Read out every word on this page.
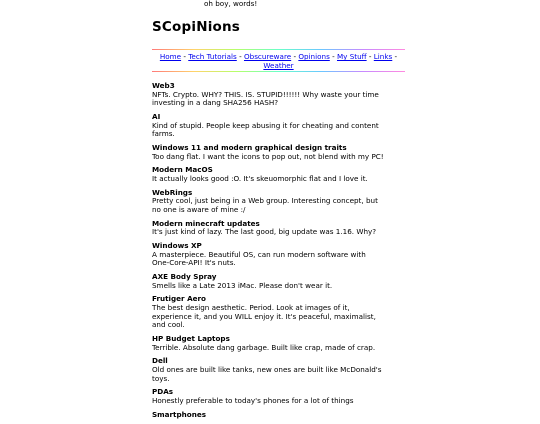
oh boy, words!
SCopiNions
Home - Tech Tutorials - Obscureware - Opinions - My Stuff - Links -
Weather
Web3
NFTs. Crypto. WHY? THIS. IS. STUPID!!!!!! Why waste your time investing in a dang SHA256 HASH?
AI
Kind of stupid. People keep abusing it for cheating and content farms.
Windows 11 and modern graphical design traits
Too dang flat. I want the icons to pop out, not blend with my PC!
Modern MacOS
It actually looks good :O. It's skeuomorphic flat and I love it.
WebRings
Pretty cool, just being in a Web group. Interesting concept, but no one is aware of mine :/
Modern minecraft updates
It's just kind of lazy. The last good, big update was 1.16. Why?
Windows XP
A masterpiece. Beautiful OS, can run modern software with One-Core-API! It's nuts.
AXE Body Spray
Smells like a Late 2013 iMac. Please don't wear it.
Frutiger Aero
The best design aesthetic. Period. Look at images of it, experience it, and you WILL enjoy it. It's peaceful, maximalist, and cool.
HP Budget Laptops
Terrible. Absolute dang garbage. Built like crap, made of crap.
Dell
Old ones are built like tanks, new ones are built like McDonald's toys.
PDAs
Honestly preferable to today's phones for a lot of things
Smartphones
